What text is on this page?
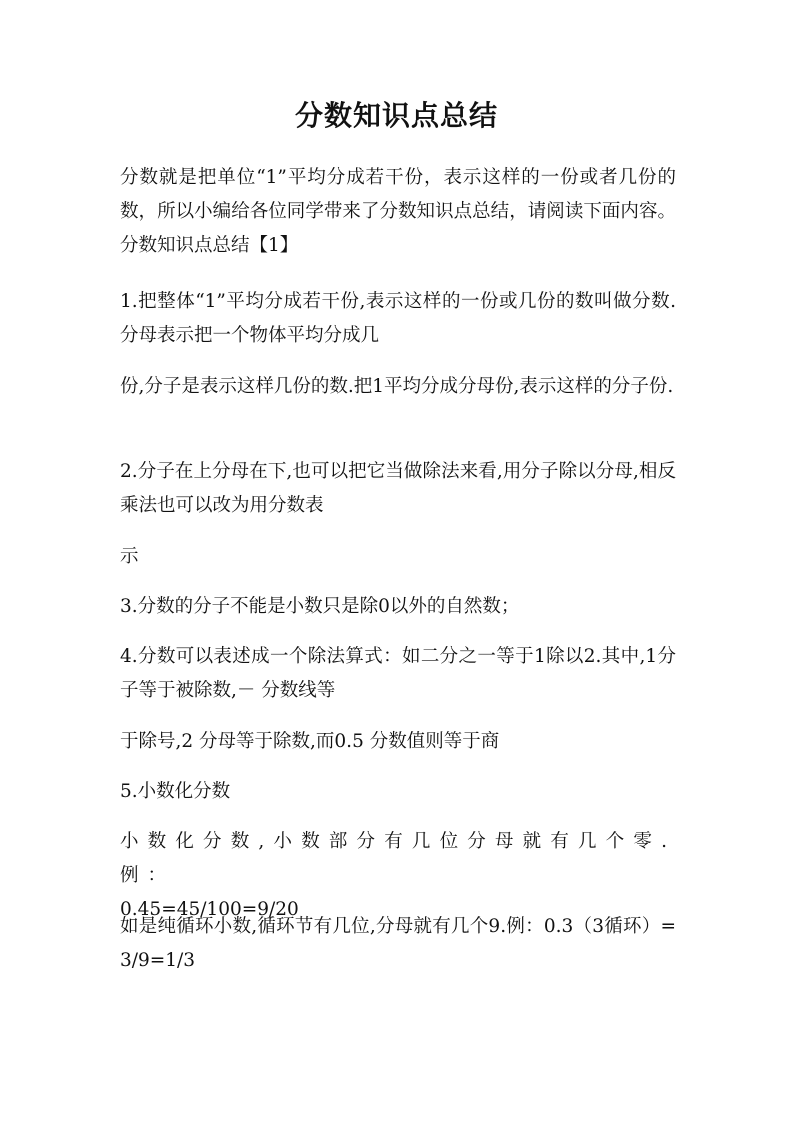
分数知识点总结
分数就是把单位“1”平均分成若干份，表示这样的一份或者几份的数，所以小编给各位同学带来了分数知识点总结，请阅读下面内容。分数知识点总结【1】
1.把整体“1”平均分成若干份,表示这样的一份或几份的数叫做分数.分母表示把一个物体平均分成几
份,分子是表示这样几份的数.把1平均分成分母份,表示这样的分子份.
2.分子在上分母在下,也可以把它当做除法来看,用分子除以分母,相反乘法也可以改为用分数表
示
3.分数的分子不能是小数只是除0以外的自然数；
4.分数可以表述成一个除法算式：如二分之一等于1除以2.其中,1分子等于被除数,－ 分数线等
于除号,2 分母等于除数,而0.5 分数值则等于商
5.小数化分数
小数化分数,小数部分有几位分母就有几个零.例：
0.45=45/100=9/20
如是纯循环小数,循环节有几位,分母就有几个9.例：0.3（3循环）=3/9=1/3
